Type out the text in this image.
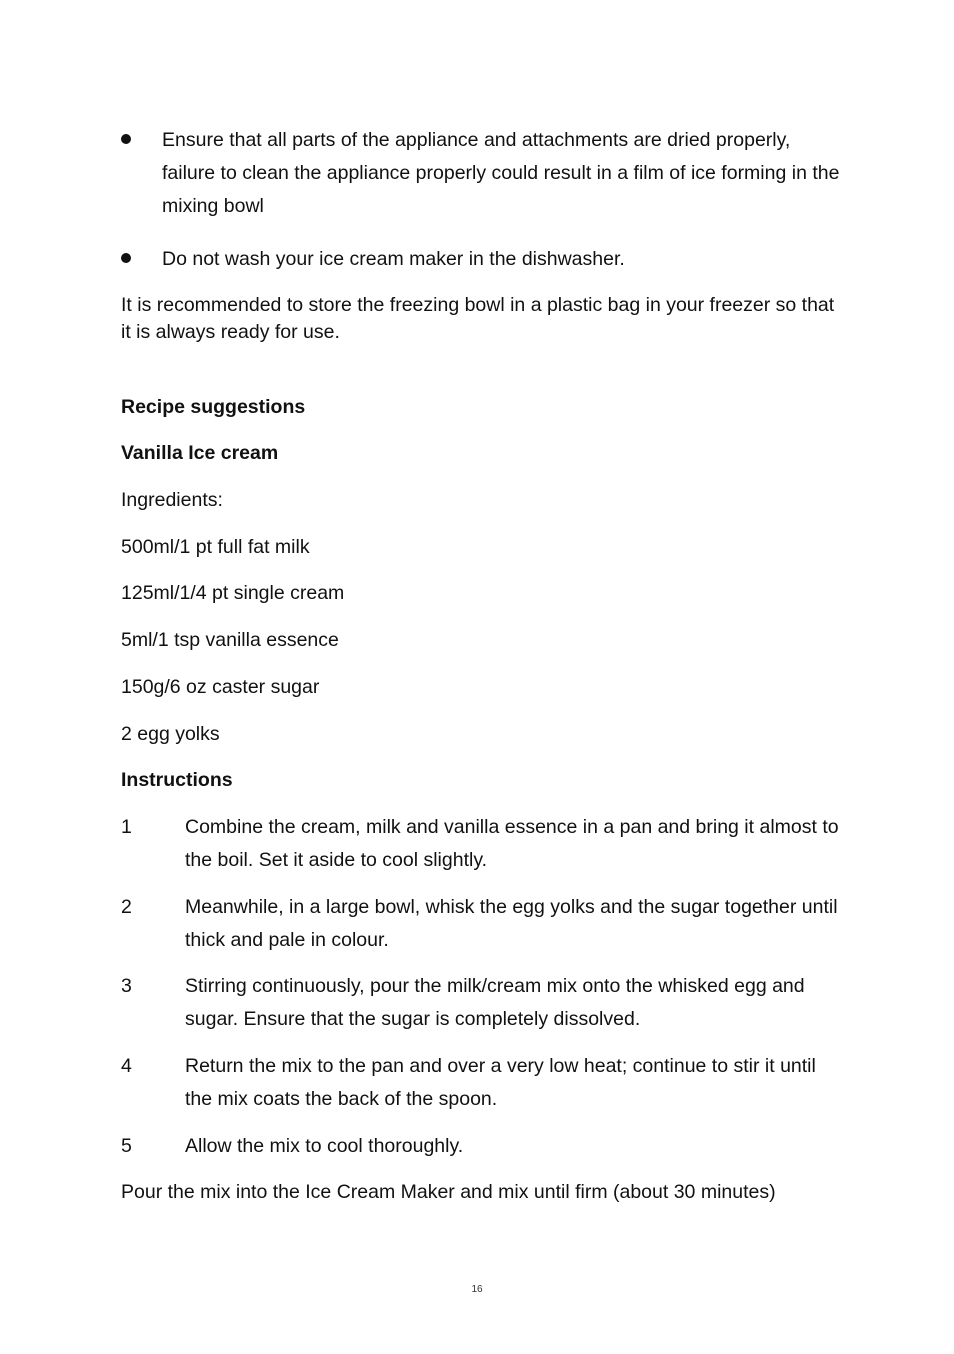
Ensure that all parts of the appliance and attachments are dried properly, failure to clean the appliance properly could result in a film of ice forming in the mixing bowl
Do not wash your ice cream maker in the dishwasher.
It is recommended to store the freezing bowl in a plastic bag in your freezer so that it is always ready for use.
Recipe suggestions
Vanilla Ice cream
Ingredients:
500ml/1 pt full fat milk
125ml/1/4 pt single cream
5ml/1 tsp vanilla essence
150g/6 oz caster sugar
2 egg yolks
Instructions
1	Combine the cream, milk and vanilla essence in a pan and bring it almost to the boil. Set it aside to cool slightly.
2	Meanwhile, in a large bowl, whisk the egg yolks and the sugar together until thick and pale in colour.
3	Stirring continuously, pour the milk/cream mix onto the whisked egg and sugar. Ensure that the sugar is completely dissolved.
4	Return the mix to the pan and over a very low heat; continue to stir it until the mix coats the back of the spoon.
5	Allow the mix to cool thoroughly.
Pour the mix into the Ice Cream Maker and mix until firm (about 30 minutes)
16
